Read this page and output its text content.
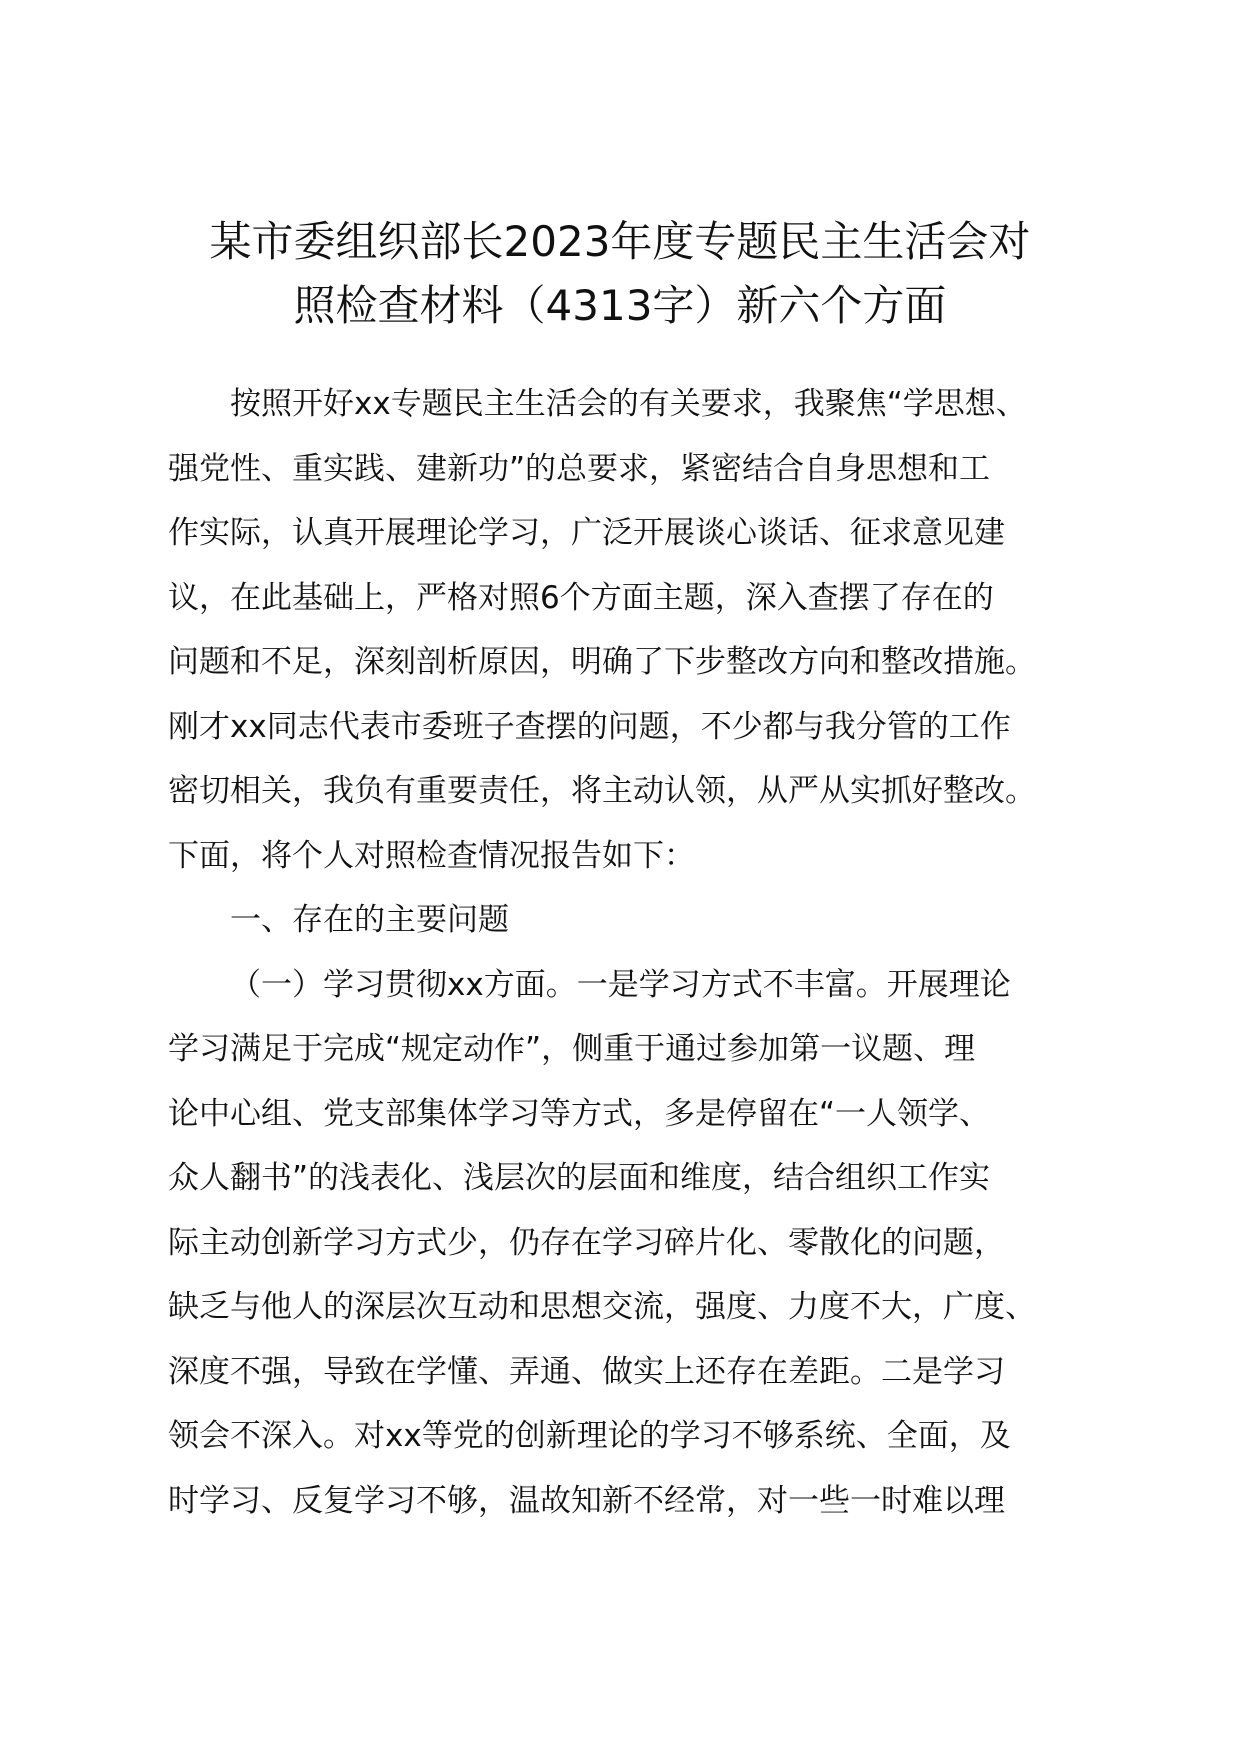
某市委组织部长2023年度专题民主生活会对
照检查材料（4313字）新六个方面
按照开好xx专题民主生活会的有关要求，我聚焦“学思想、
强党性、重实践、建新功”的总要求，紧密结合自身思想和工
作实际，认真开展理论学习，广泛开展谈心谈话、征求意见建
议，在此基础上，严格对照6个方面主题，深入查摆了存在的
问题和不足，深刻剖析原因，明确了下步整改方向和整改措施。
刚才xx同志代表市委班子查摆的问题，不少都与我分管的工作
密切相关，我负有重要责任，将主动认领，从严从实抓好整改。
下面，将个人对照检查情况报告如下：
一、存在的主要问题
（一）学习贯彻xx方面。一是学习方式不丰富。开展理论
学习满足于完成“规定动作”，侧重于通过参加第一议题、理
论中心组、党支部集体学习等方式，多是停留在“一人领学、
众人翻书”的浅表化、浅层次的层面和维度，结合组织工作实
际主动创新学习方式少，仍存在学习碎片化、零散化的问题，
缺乏与他人的深层次互动和思想交流，强度、力度不大，广度、
深度不强，导致在学懂、弄通、做实上还存在差距。二是学习
领会不深入。对xx等党的创新理论的学习不够系统、全面，及
时学习、反复学习不够，温故知新不经常，对一些一时难以理
